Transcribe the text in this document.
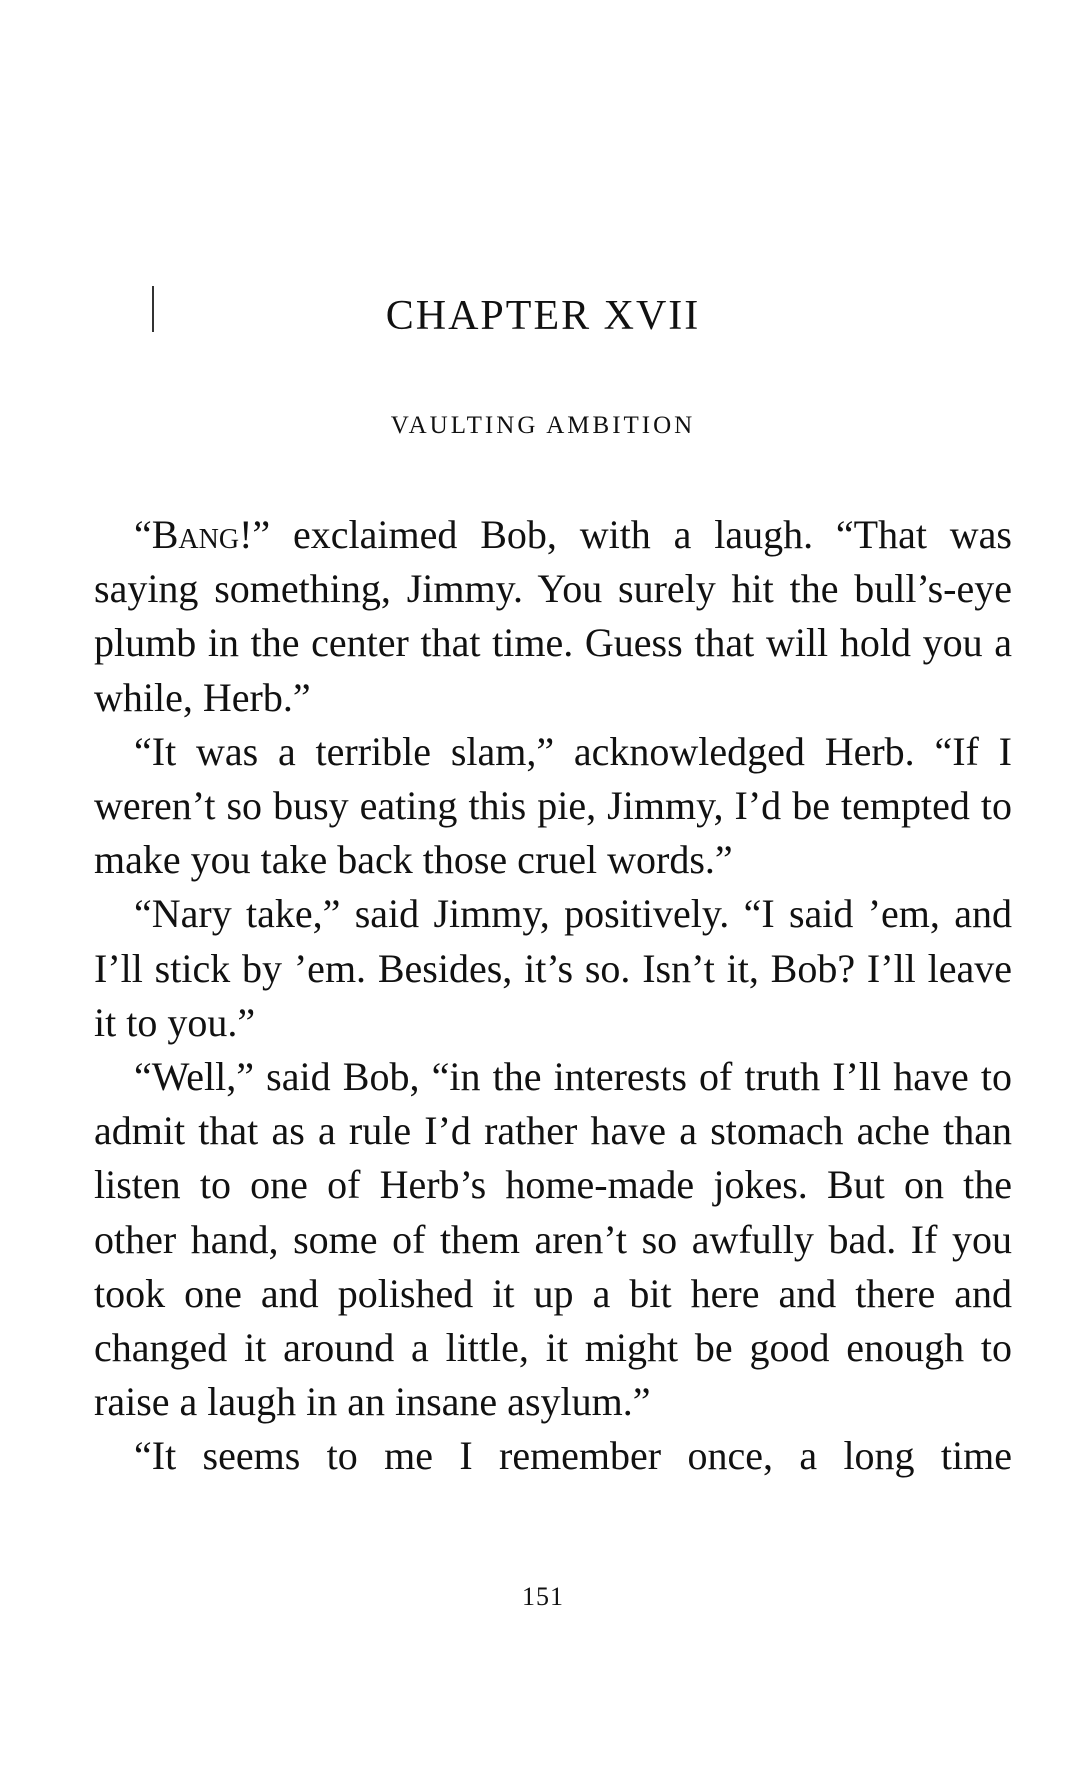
CHAPTER XVII
VAULTING AMBITION

“Bang!” exclaimed Bob, with a laugh. “That was saying something, Jimmy. You surely hit the bull’s-eye plumb in the center that time. Guess that will hold you a while, Herb.”

“It was a terrible slam,” acknowledged Herb. “If I weren’t so busy eating this pie, Jimmy, I’d be tempted to make you take back those cruel words.”

“Nary take,” said Jimmy, positively. “I said ’em, and I’ll stick by ’em. Besides, it’s so. Isn’t it, Bob? I’ll leave it to you.”

“Well,” said Bob, “in the interests of truth I’ll have to admit that as a rule I’d rather have a stomach ache than listen to one of Herb’s home-made jokes. But on the other hand, some of them aren’t so awfully bad. If you took one and polished it up a bit here and there and changed it around a little, it might be good enough to raise a laugh in an insane asylum.”

“It seems to me I remember once, a long time

151
